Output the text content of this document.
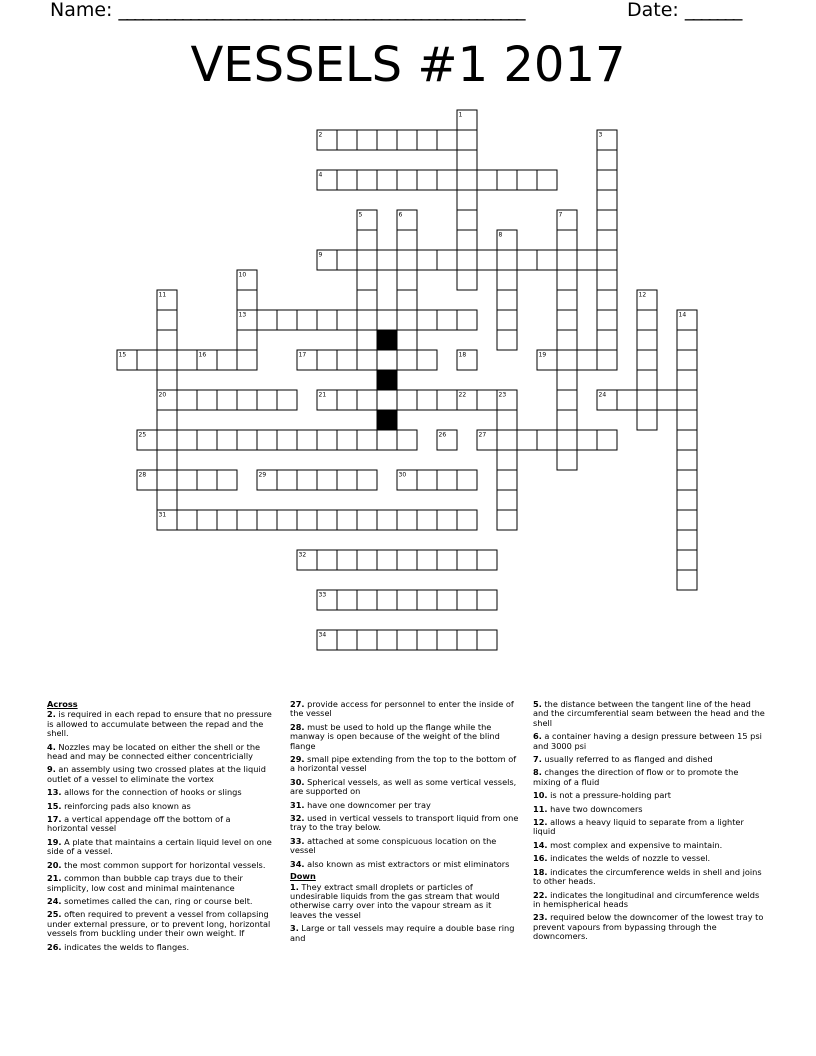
Name: ___________________________________________________	Date: _______
VESSELS #1 2017
1
2	3
4
5	6	7
8
9
10
13
11
20
31
12
14
15	16	17	18	19
21	22	23	24
25	26	27
28	29	30
32
33
34
Across
2. is required in each repad to ensure that no pressure is allowed to accumulate between the repad and the shell.
4. Nozzles may be located on either the shell or the head and may be connected either concentricially
9. an assembly using two crossed plates at the liquid outlet of a vessel to eliminate the vortex
13. allows for the connection of hooks or slings
15. reinforcing pads also known as
17. a vertical appendage off the bottom of a horizontal vessel
19. A plate that maintains a certain liquid level on one side of a vessel.
20. the most common support for horizontal vessels.
21. common than bubble cap trays due to their simplicity, low cost and minimal maintenance
24. sometimes called the can, ring or course belt.
25. often required to prevent a vessel from collapsing under external pressure, or to prevent long, horizontal vessels from buckling under their own weight. If
26. indicates the welds to flanges.
27. provide access for personnel to enter the inside of the vessel
28. must be used to hold up the flange while the manway is open because of the weight of the blind flange
29. small pipe extending from the top to the bottom of a horizontal vessel
30. Spherical vessels, as well as some vertical vessels, are supported on
31. have one downcomer per tray
32. used in vertical vessels to transport liquid from one tray to the tray below.
33. attached at some conspicuous location on the vessel
34. also known as mist extractors or mist eliminators
Down
1. They extract small droplets or particles of undesirable liquids from the gas stream that would otherwise carry over into the vapour stream as it leaves the vessel
3. Large or tall vessels may require a double base ring and
5. the distance between the tangent line of the head and the circumferential seam between the head and the shell
6. a container having a design pressure between 15 psi and 3000 psi
7. usually referred to as flanged and dished
8. changes the direction of flow or to promote the mixing of a fluid
10. is not a pressure-holding part
11. have two downcomers
12. allows a heavy liquid to separate from a lighter liquid
14. most complex and expensive to maintain.
16. indicates the welds of nozzle to vessel.
18. indicates the circumference welds in shell and joins to other heads.
22. indicates the longitudinal and circumference welds in hemispherical heads
23. required below the downcomer of the lowest tray to prevent vapours from bypassing through the downcomers.
